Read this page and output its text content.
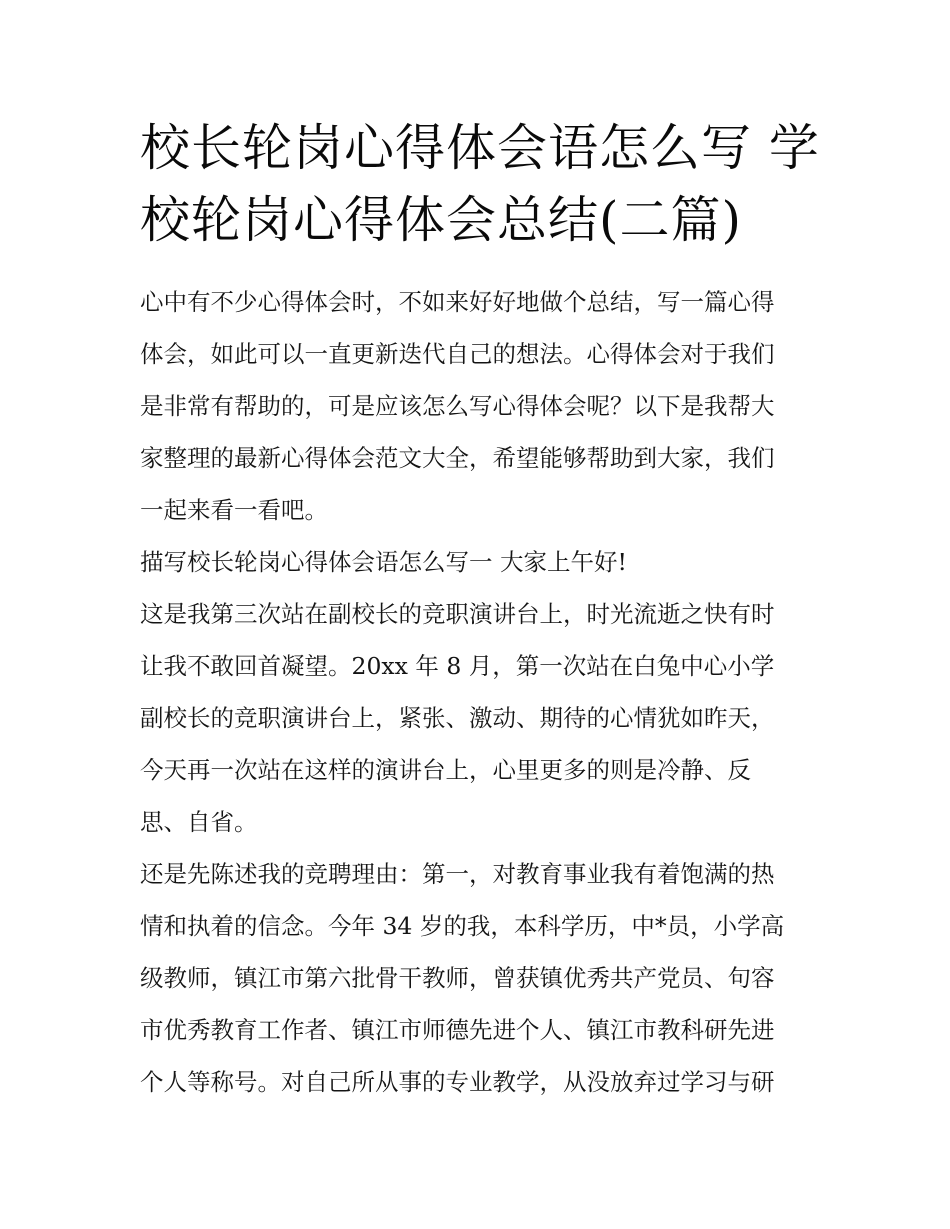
校长轮岗心得体会语怎么写 学
校轮岗心得体会总结(二篇)

心中有不少心得体会时，不如来好好地做个总结，写一篇心得
体会，如此可以一直更新迭代自己的想法。心得体会对于我们
是非常有帮助的，可是应该怎么写心得体会呢？以下是我帮大
家整理的最新心得体会范文大全，希望能够帮助到大家，我们
一起来看一看吧。

描写校长轮岗心得体会语怎么写一 大家上午好!

这是我第三次站在副校长的竞职演讲台上，时光流逝之快有时
让我不敢回首凝望。20xx 年 8 月，第一次站在白兔中心小学
副校长的竞职演讲台上，紧张、激动、期待的心情犹如昨天，
今天再一次站在这样的演讲台上，心里更多的则是冷静、反
思、自省。

还是先陈述我的竞聘理由：第一，对教育事业我有着饱满的热
情和执着的信念。今年 34 岁的我，本科学历，中*员，小学高
级教师，镇江市第六批骨干教师，曾获镇优秀共产党员、句容
市优秀教育工作者、镇江市师德先进个人、镇江市教科研先进
个人等称号。对自己所从事的专业教学，从没放弃过学习与研
